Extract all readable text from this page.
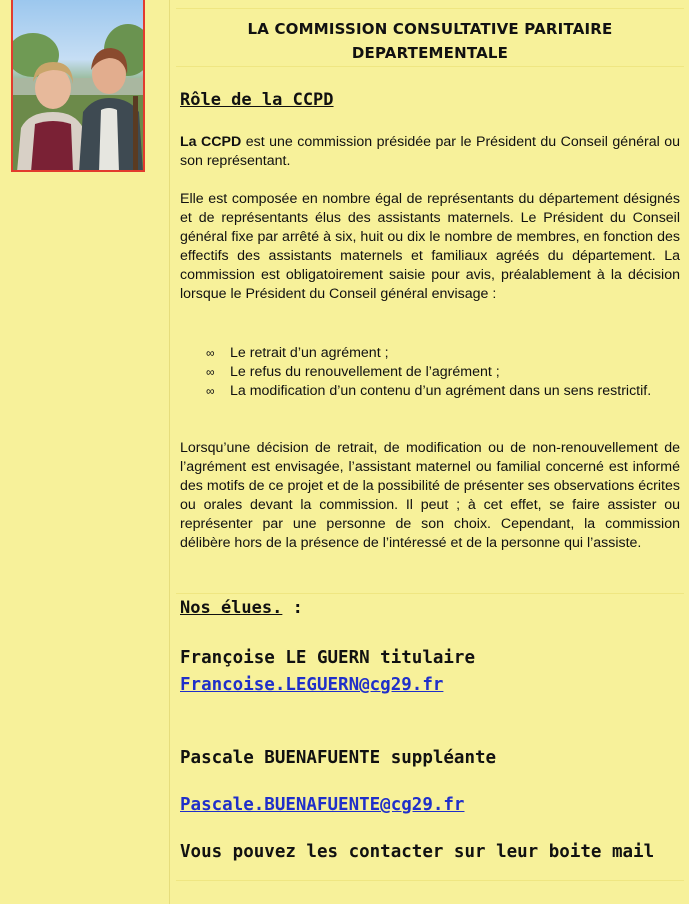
LA COMMISSION CONSULTATIVE PARITAIRE
DEPARTEMENTALE
Rôle de la CCPD
La CCPD est une commission présidée par le Président du Conseil général ou son représentant.
Elle est composée en nombre égal de représentants du département désignés et de représentants élus des assistants maternels. Le Président du Conseil général fixe par arrêté à six, huit ou dix le nombre de membres, en fonction des effectifs des assistants maternels et familiaux agréés du département. La commission est obligatoirement saisie pour avis, préalablement à la décision lorsque le Président du Conseil général envisage :
∞	Le retrait d’un agrément ;
∞	Le refus du renouvellement de l’agrément ;
∞	La modification d’un contenu d’un agrément dans un sens restrictif.
Lorsqu’une décision de retrait, de modification ou de non-renouvellement de l’agrément est envisagée, l’assistant maternel ou familial concerné est informé des motifs de ce projet et de la possibilité de présenter ses observations écrites ou orales devant la commission. Il peut ; à cet effet, se faire assister ou représenter par une personne de son choix. Cependant, la commission délibère hors de la présence de l’intéressé et de la personne qui l’assiste.
Nos élues. :
Françoise LE GUERN titulaire
Francoise.LEGUERN@cg29.fr
Pascale BUENAFUENTE suppléante
Pascale.BUENAFUENTE@cg29.fr
Vous pouvez les contacter sur leur boite mail
